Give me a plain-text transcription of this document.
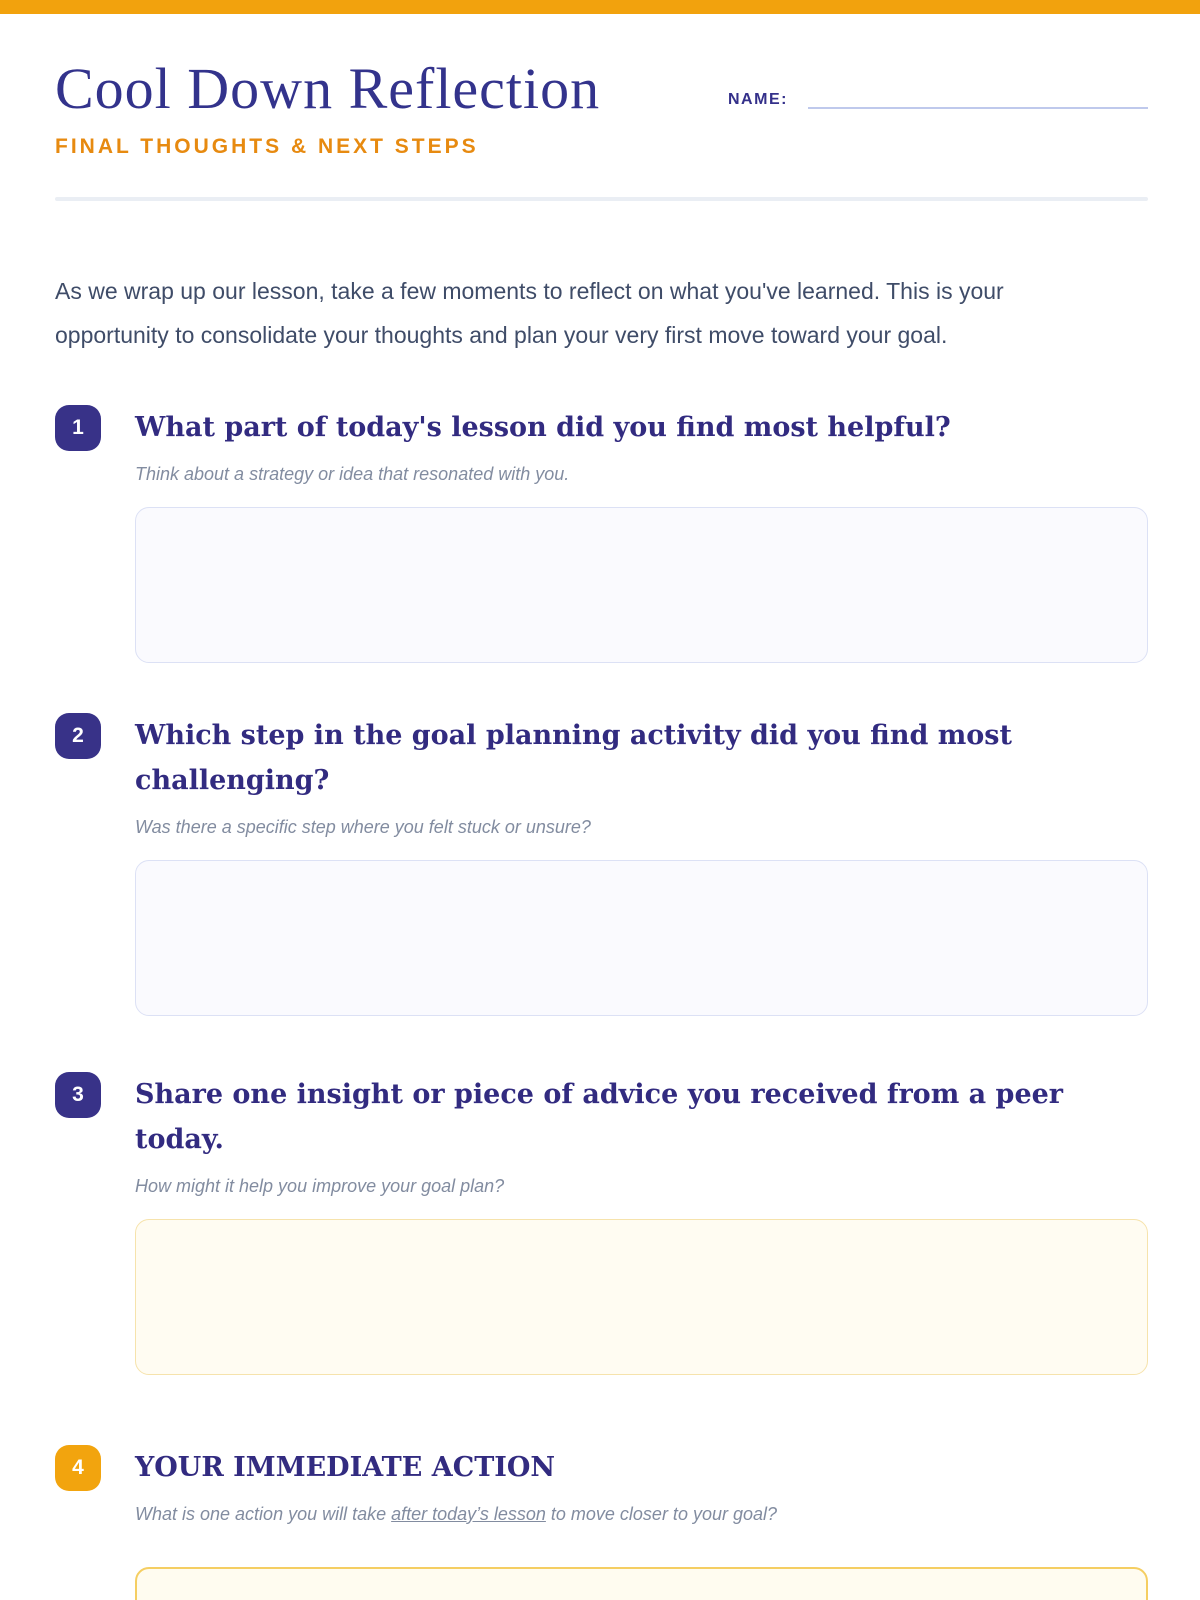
Cool Down Reflection	NAME:
FINAL THOUGHTS & NEXT STEPS

As we wrap up our lesson, take a few moments to reflect on what you've learned. This is your opportunity to consolidate your thoughts and plan your very first move toward your goal.

1	What part of today's lesson did you find most helpful?
Think about a strategy or idea that resonated with you.
2	Which step in the goal planning activity did you find most challenging?
Was there a specific step where you felt stuck or unsure?
3	Share one insight or piece of advice you received from a peer today.
How might it help you improve your goal plan?
4	YOUR IMMEDIATE ACTION
What is one action you will take after today’s lesson to move closer to your goal?
